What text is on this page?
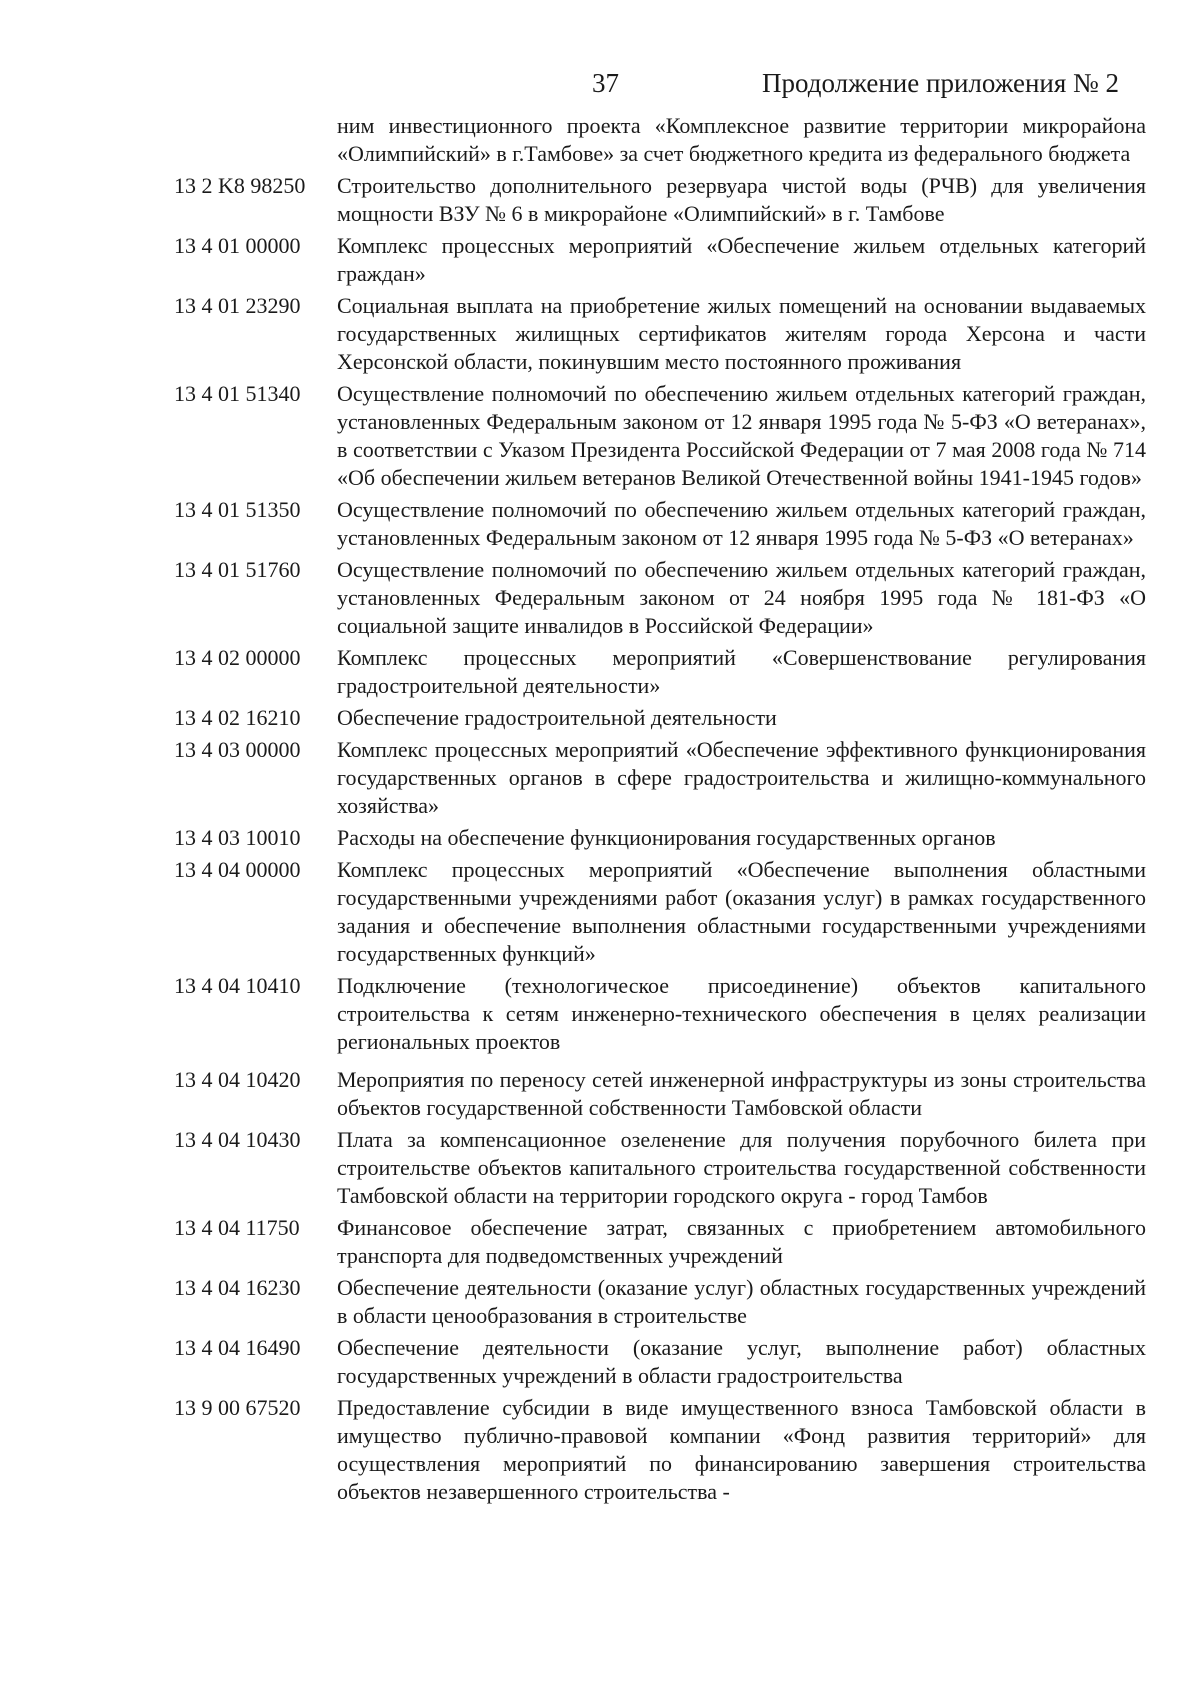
37	Продолжение приложения № 2
ним инвестиционного проекта «Комплексное развитие территории микрорайона «Олимпийский» в г.Тамбове» за счет бюджетного кредита из федерального бюджета
13 2 K8 98250	Строительство дополнительного резервуара чистой воды (РЧВ) для увеличения мощности ВЗУ № 6 в микрорайоне «Олимпийский» в г. Тамбове
13 4 01 00000	Комплекс процессных мероприятий «Обеспечение жильем отдельных категорий граждан»
13 4 01 23290	Социальная выплата на приобретение жилых помещений на основании выдаваемых государственных жилищных сертификатов жителям города Херсона и части Херсонской области, покинувшим место постоянного проживания
13 4 01 51340	Осуществление полномочий по обеспечению жильем отдельных категорий граждан, установленных Федеральным законом от 12 января 1995 года № 5-ФЗ «О ветеранах», в соответствии с Указом Президента Российской Федерации от 7 мая 2008 года № 714 «Об обеспечении жильем ветеранов Великой Отечественной войны 1941-1945 годов»
13 4 01 51350	Осуществление полномочий по обеспечению жильем отдельных категорий граждан, установленных Федеральным законом от 12 января 1995 года № 5-ФЗ «О ветеранах»
13 4 01 51760	Осуществление полномочий по обеспечению жильем отдельных категорий граждан, установленных Федеральным законом от 24 ноября 1995 года № 181-ФЗ «О социальной защите инвалидов в Российской Федерации»
13 4 02 00000	Комплекс процессных мероприятий «Совершенствование регулирования градостроительной деятельности»
13 4 02 16210	Обеспечение градостроительной деятельности
13 4 03 00000	Комплекс процессных мероприятий «Обеспечение эффективного функционирования государственных органов в сфере градостроительства и жилищно-коммунального хозяйства»
13 4 03 10010	Расходы на обеспечение функционирования государственных органов
13 4 04 00000	Комплекс процессных мероприятий «Обеспечение выполнения областными государственными учреждениями работ (оказания услуг) в рамках государственного задания и обеспечение выполнения областными государственными учреждениями государственных функций»
13 4 04 10410	Подключение (технологическое присоединение) объектов капитального строительства к сетям инженерно-технического обеспечения в целях реализации региональных проектов
13 4 04 10420	Мероприятия по переносу сетей инженерной инфраструктуры из зоны строительства объектов государственной собственности Тамбовской области
13 4 04 10430	Плата за компенсационное озеленение для получения порубочного билета при строительстве объектов капитального строительства государственной собственности Тамбовской области на территории городского округа - город Тамбов
13 4 04 11750	Финансовое обеспечение затрат, связанных с приобретением автомобильного транспорта для подведомственных учреждений
13 4 04 16230	Обеспечение деятельности (оказание услуг) областных государственных учреждений в области ценообразования в строительстве
13 4 04 16490	Обеспечение деятельности (оказание услуг, выполнение работ) областных государственных учреждений в области градостроительства
13 9 00 67520	Предоставление субсидии в виде имущественного взноса Тамбовской области в имущество публично-правовой компании «Фонд развития территорий» для осуществления мероприятий по финансированию завершения строительства объектов незавершенного строительства -
